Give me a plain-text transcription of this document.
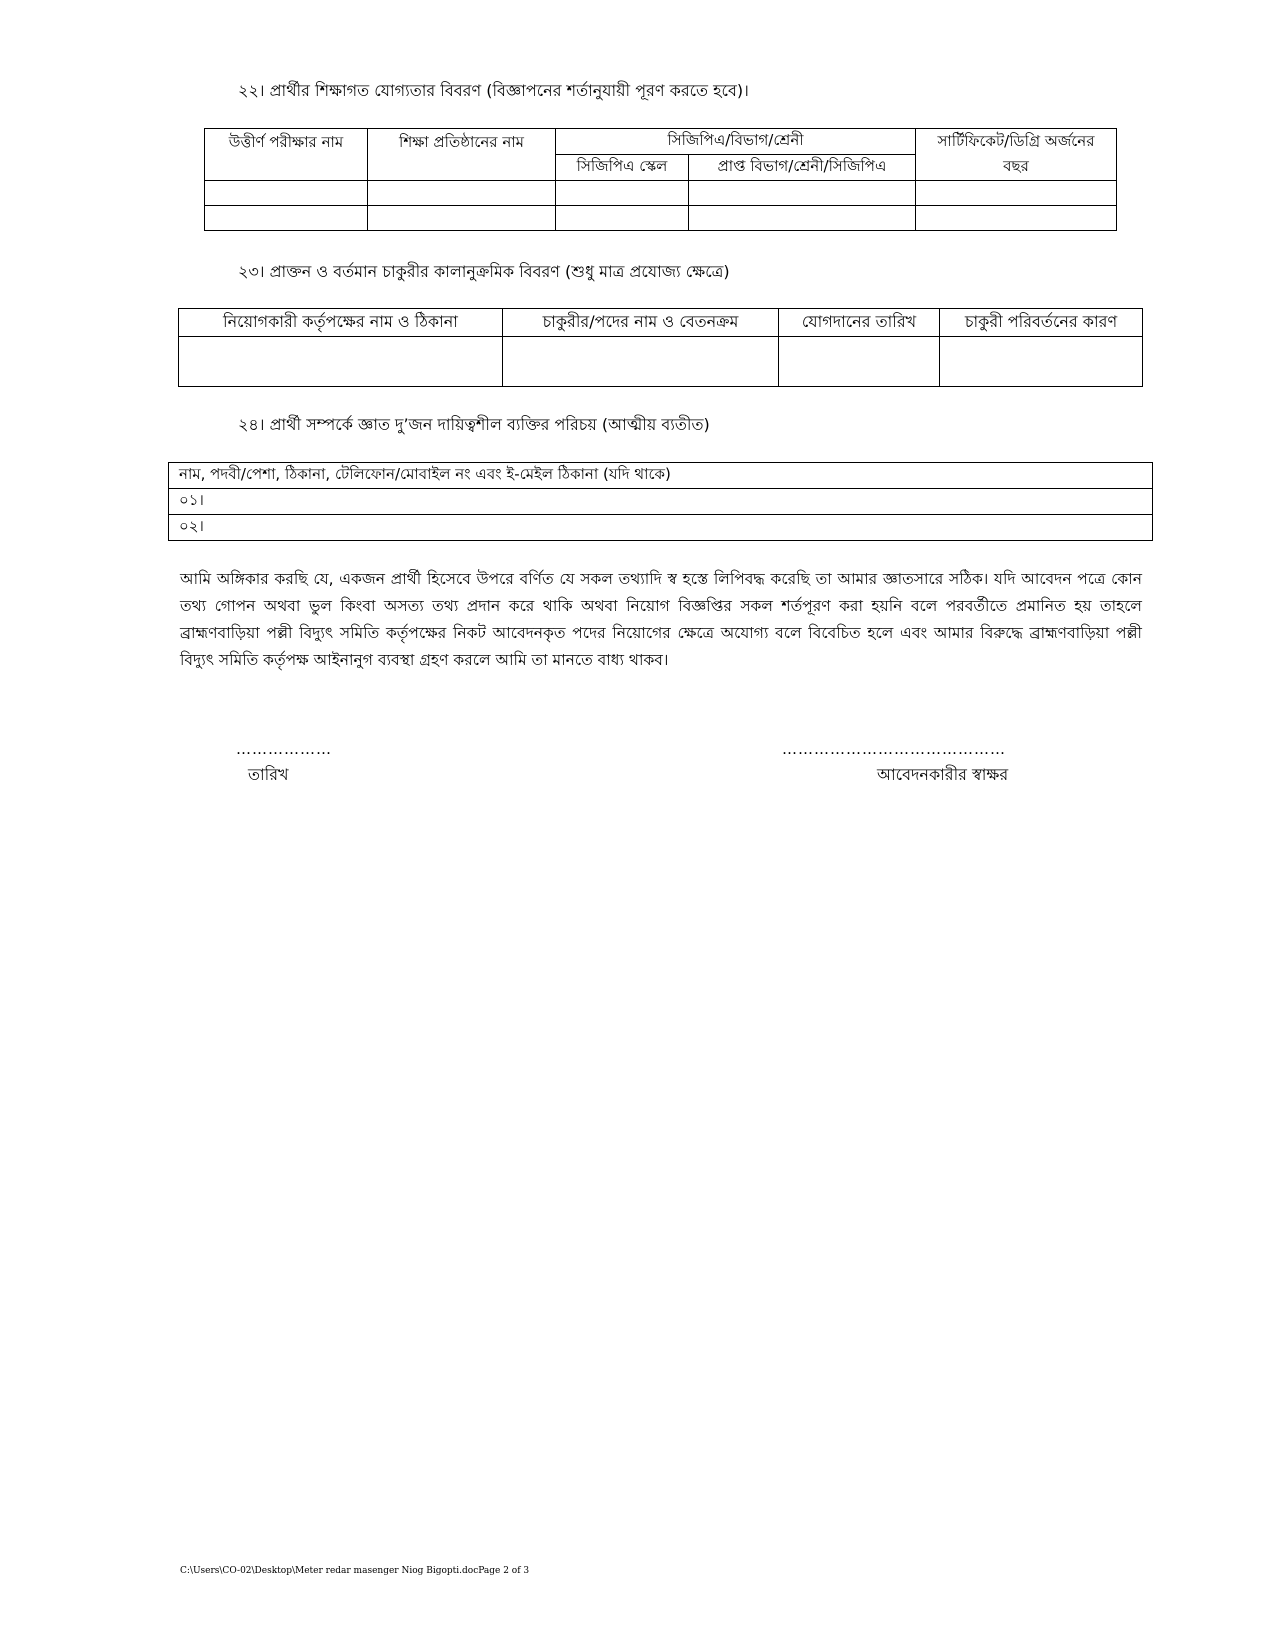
২২। প্রার্থীর শিক্ষাগত যোগ্যতার বিবরণ (বিজ্ঞাপনের শর্তানুযায়ী পূরণ করতে হবে)।
উত্তীর্ণ পরীক্ষার নাম	শিক্ষা প্রতিষ্ঠানের নাম	সিজিপিএ/বিভাগ/শ্রেনী		সার্টিফিকেট/ডিগ্রি অর্জনের
বছর
		সিজিপিএ স্কেল	প্রাপ্ত বিভাগ/শ্রেনী/সিজিপিএ	

২৩। প্রাক্তন ও বর্তমান চাকুরীর কালানুক্রমিক বিবরণ (শুধু মাত্র প্রযোজ্য ক্ষেত্রে)
নিয়োগকারী কর্তৃপক্ষের নাম ও ঠিকানা	চাকুরীর/পদের নাম ও বেতনক্রম	যোগদানের তারিখ	চাকুরী পরিবর্তনের কারণ

২৪। প্রার্থী সম্পর্কে জ্ঞাত দু’জন দায়িত্বশীল ব্যক্তির পরিচয় (আত্মীয় ব্যতীত)
নাম, পদবী/পেশা, ঠিকানা, টেলিফোন/মোবাইল নং এবং ই-মেইল ঠিকানা (যদি থাকে)
০১।
০২।
আমি অঙ্গিকার করছি যে, একজন প্রার্থী হিসেবে উপরে বর্ণিত যে সকল তথ্যাদি স্ব হস্তে লিপিবদ্ধ করেছি তা আমার জ্ঞাতসারে সঠিক। যদি আবেদন পত্রে কোন তথ্য গোপন অথবা ভুল কিংবা অসত্য তথ্য প্রদান করে থাকি অথবা নিয়োগ বিজ্ঞপ্তির সকল শর্তপূরণ করা হয়নি বলে পরবর্তীতে প্রমানিত হয় তাহলে ব্রাহ্মণবাড়িয়া পল্লী বিদ্যুৎ সমিতি কর্তৃপক্ষের নিকট আবেদনকৃত পদের নিয়োগের ক্ষেত্রে অযোগ্য বলে বিবেচিত হলে এবং আমার বিরুদ্ধে ব্রাহ্মণবাড়িয়া পল্লী বিদ্যুৎ সমিতি কর্তৃপক্ষ আইনানুগ ব্যবস্থা গ্রহণ করলে আমি তা মানতে বাধ্য থাকব।
………………
তারিখ
……………………………………
আবেদনকারীর স্বাক্ষর
C:\Users\CO-02\Desktop\Meter redar masenger Niog Bigopti.docPage 2 of 3
